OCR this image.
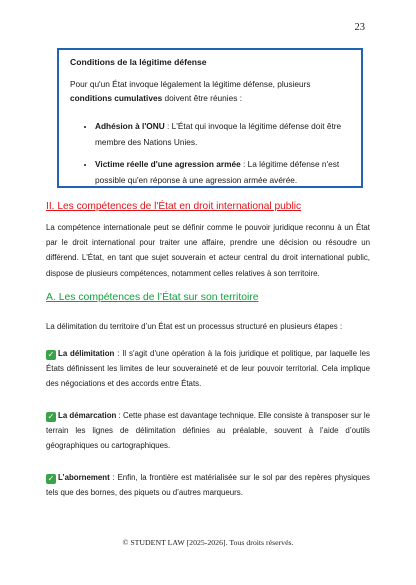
23

Conditions de la légitime défense

Pour qu'un État invoque légalement la légitime défense, plusieurs conditions cumulatives doivent être réunies :

• Adhésion à l'ONU : L'État qui invoque la légitime défense doit être membre des Nations Unies.
• Victime réelle d'une agression armée : La légitime défense n'est possible qu'en réponse à une agression armée avérée.
II. Les compétences de l'État en droit international public

La compétence internationale peut se définir comme le pouvoir juridique reconnu à un État par le droit international pour traiter une affaire, prendre une décision ou résoudre un différend. L'État, en tant que sujet souverain et acteur central du droit international public, dispose de plusieurs compétences, notamment celles relatives à son territoire.

A. Les compétences de l’État sur son territoire

La délimitation du territoire d’un État est un processus structuré en plusieurs étapes :

✓ La délimitation : Il s'agit d'une opération à la fois juridique et politique, par laquelle les États définissent les limites de leur souveraineté et de leur pouvoir territorial. Cela implique des négociations et des accords entre États.

✓ La démarcation : Cette phase est davantage technique. Elle consiste à transposer sur le terrain les lignes de délimitation définies au préalable, souvent à l’aide d’outils géographiques ou cartographiques.

✓ L’abornement : Enfin, la frontière est matérialisée sur le sol par des repères physiques tels que des bornes, des piquets ou d’autres marqueurs.

© STUDENT LAW [2025-2026]. Tous droits réservés.
